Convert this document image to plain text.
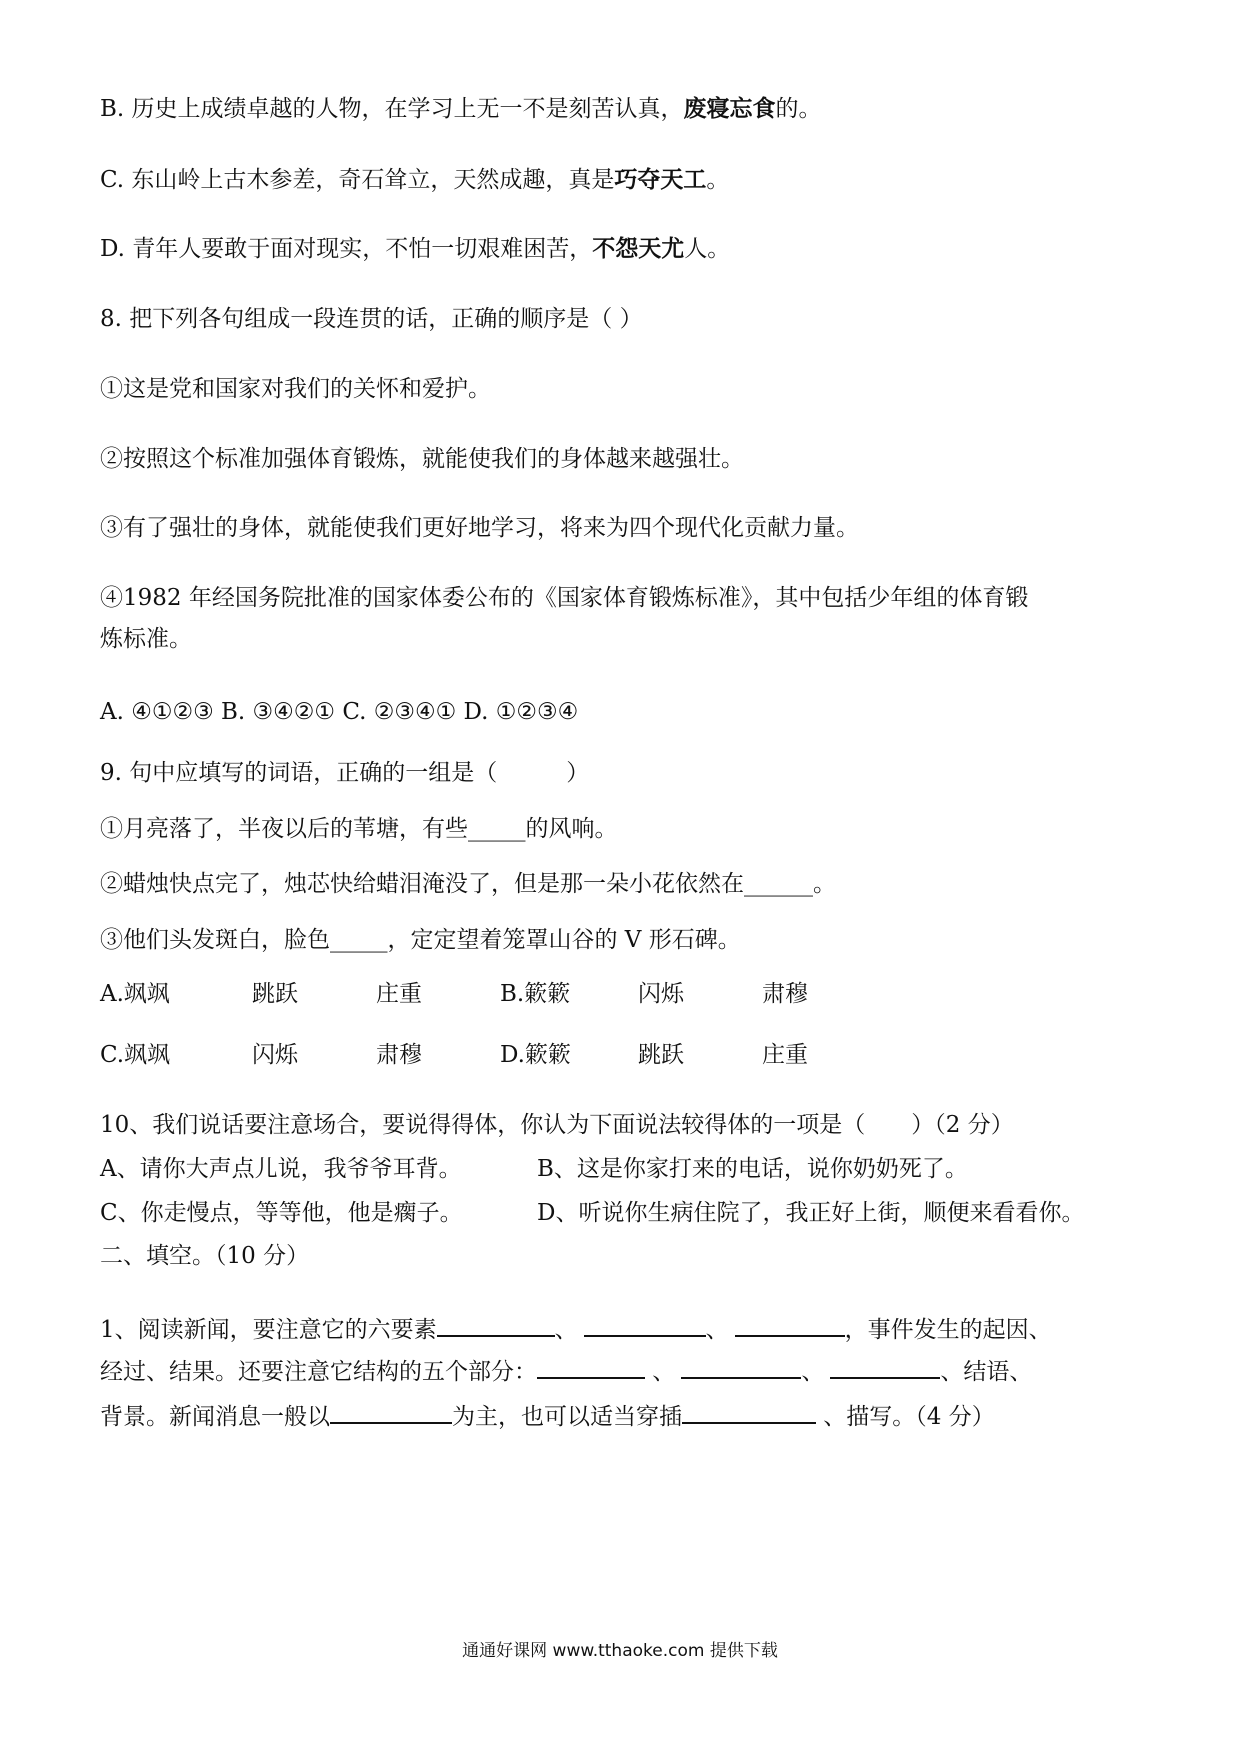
B. 历史上成绩卓越的人物，在学习上无一不是刻苦认真，废寝忘食的。
C. 东山岭上古木参差，奇石耸立，天然成趣，真是巧夺天工。
D. 青年人要敢于面对现实，不怕一切艰难困苦，不怨天尤人。
8. 把下列各句组成一段连贯的话，正确的顺序是（ ）
①这是党和国家对我们的关怀和爱护。
②按照这个标准加强体育锻炼，就能使我们的身体越来越强壮。
③有了强壮的身体，就能使我们更好地学习，将来为四个现代化贡献力量。
④1982 年经国务院批准的国家体委公布的《国家体育锻炼标准》，其中包括少年组的体育锻
炼标准。
A. ④①②③ B. ③④②① C. ②③④① D. ①②③④
9. 句中应填写的词语，正确的一组是（　　　）
①月亮落了，半夜以后的苇塘，有些_____的风响。
②蜡烛快点完了，烛芯快给蜡泪淹没了，但是那一朵小花依然在______。
③他们头发斑白，脸色_____，定定望着笼罩山谷的 V 形石碑。
A.飒飒	跳跃	庄重	B.簌簌	闪烁	肃穆
C.飒飒	闪烁	肃穆	D.簌簌	跳跃	庄重
10、我们说话要注意场合，要说得得体，你认为下面说法较得体的一项是（　　）（2 分）
A、请你大声点儿说，我爷爷耳背。	B、这是你家打来的电话，说你奶奶死了。
C、你走慢点，等等他，他是瘸子。	D、听说你生病住院了，我正好上街，顺便来看看你。
二、填空。（10 分）
1、阅读新闻，要注意它的六要素	、	、	，事件发生的起因、
经过、结果。还要注意它结构的五个部分：	、	、	、结语、
背景。新闻消息一般以	为主，也可以适当穿插	、描写。（4 分）
通通好课网 www.tthaoke.com 提供下载
